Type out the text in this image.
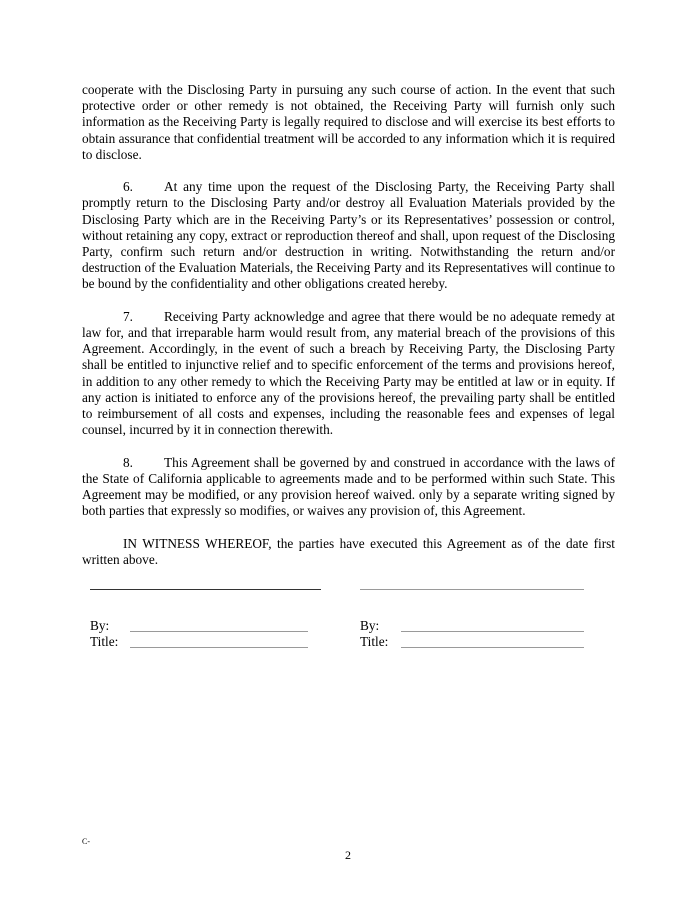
cooperate with the Disclosing Party in pursuing any such course of action. In the event that such protective order or other remedy is not obtained, the Receiving Party will furnish only such information as the Receiving Party is legally required to disclose and will exercise its best efforts to obtain assurance that confidential treatment will be accorded to any information which it is required to disclose.

6. At any time upon the request of the Disclosing Party, the Receiving Party shall promptly return to the Disclosing Party and/or destroy all Evaluation Materials provided by the Disclosing Party which are in the Receiving Party’s or its Representatives’ possession or control, without retaining any copy, extract or reproduction thereof and shall, upon request of the Disclosing Party, confirm such return and/or destruction in writing. Notwithstanding the return and/or destruction of the Evaluation Materials, the Receiving Party and its Representatives will continue to be bound by the confidentiality and other obligations created hereby.

7. Receiving Party acknowledge and agree that there would be no adequate remedy at law for, and that irreparable harm would result from, any material breach of the provisions of this Agreement. Accordingly, in the event of such a breach by Receiving Party, the Disclosing Party shall be entitled to injunctive relief and to specific enforcement of the terms and provisions hereof, in addition to any other remedy to which the Receiving Party may be entitled at law or in equity. If any action is initiated to enforce any of the provisions hereof, the prevailing party shall be entitled to reimbursement of all costs and expenses, including the reasonable fees and expenses of legal counsel, incurred by it in connection therewith.

8. This Agreement shall be governed by and construed in accordance with the laws of the State of California applicable to agreements made and to be performed within such State. This Agreement may be modified, or any provision hereof waived. only by a separate writing signed by both parties that expressly so modifies, or waives any provision of, this Agreement.

IN WITNESS WHEREOF, the parties have executed this Agreement as of the date first written above.

By:
Title:
By:
Title:
C-
2
